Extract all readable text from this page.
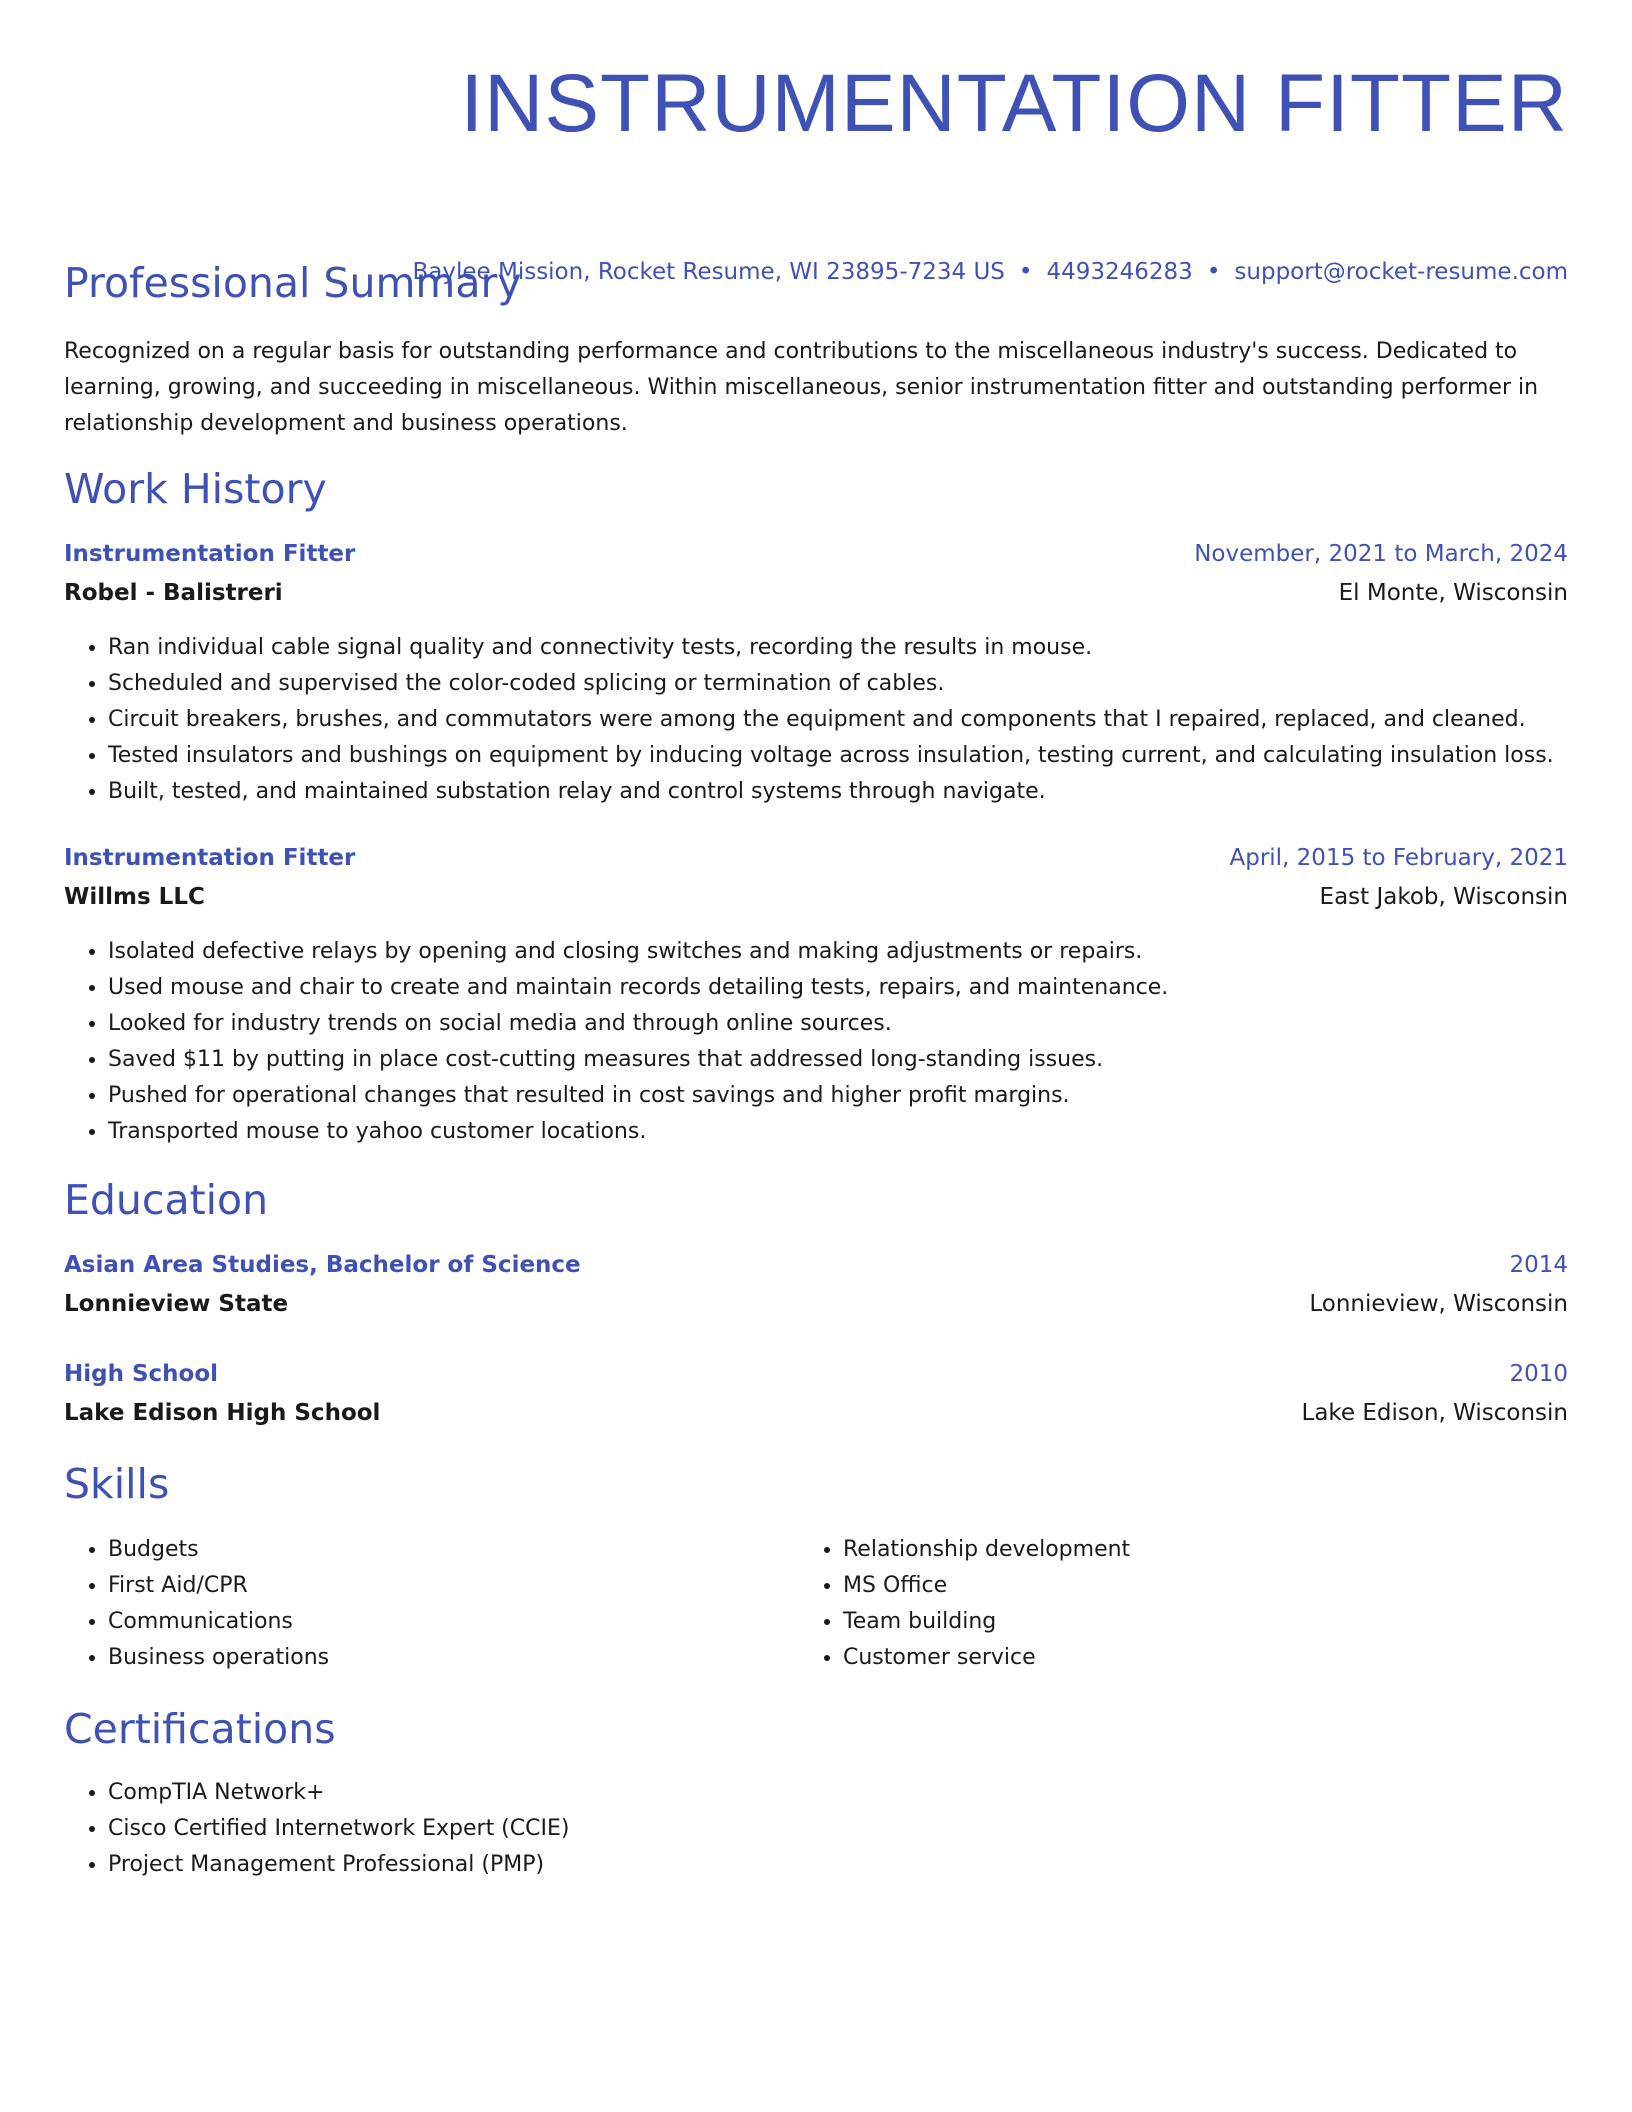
INSTRUMENTATION FITTER
Baylee Mission, Rocket Resume, WI 23895-7234 US • 4493246283 • support@rocket-resume.com
Professional Summary

Recognized on a regular basis for outstanding performance and contributions to the miscellaneous industry's success. Dedicated to learning, growing, and succeeding in miscellaneous. Within miscellaneous, senior instrumentation fitter and outstanding performer in relationship development and business operations.

Work History
Instrumentation Fitter	November, 2021 to March, 2024
Robel - Balistreri	El Monte, Wisconsin
• Ran individual cable signal quality and connectivity tests, recording the results in mouse.
• Scheduled and supervised the color-coded splicing or termination of cables.
• Circuit breakers, brushes, and commutators were among the equipment and components that I repaired, replaced, and cleaned.
• Tested insulators and bushings on equipment by inducing voltage across insulation, testing current, and calculating insulation loss.
• Built, tested, and maintained substation relay and control systems through navigate.
Instrumentation Fitter	April, 2015 to February, 2021
Willms LLC	East Jakob, Wisconsin
• Isolated defective relays by opening and closing switches and making adjustments or repairs.
• Used mouse and chair to create and maintain records detailing tests, repairs, and maintenance.
• Looked for industry trends on social media and through online sources.
• Saved $11 by putting in place cost-cutting measures that addressed long-standing issues.
• Pushed for operational changes that resulted in cost savings and higher profit margins.
• Transported mouse to yahoo customer locations.
Education
Asian Area Studies, Bachelor of Science	2014
Lonnieview State	Lonnieview, Wisconsin
High School	2010
Lake Edison High School	Lake Edison, Wisconsin
Skills
• Budgets
• First Aid/CPR
• Communications
• Business operations
• Relationship development
• MS Office
• Team building
• Customer service
Certifications
• CompTIA Network+
• Cisco Certified Internetwork Expert (CCIE)
• Project Management Professional (PMP)
